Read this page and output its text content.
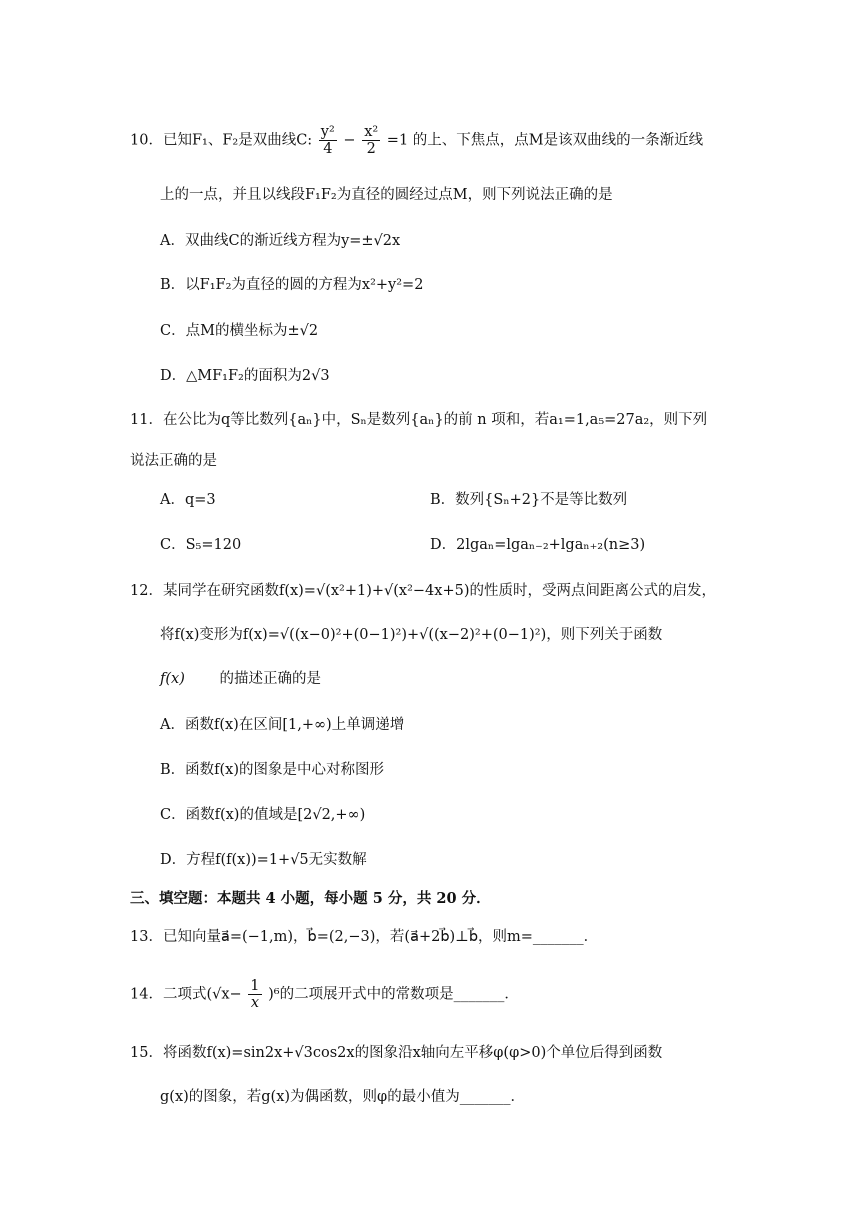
10．已知F₁、F₂是双曲线C: $\frac{\text{y²}}{4} - \frac{\text{x²}}{2} =1$ 的上、下焦点，点M是该双曲线的一条渐近线
上的一点，并且以线段F₁F₂为直径的圆经过点M，则下列说法正确的是
A．双曲线C的渐近线方程为y=±√2x
B．以F₁F₂为直径的圆的方程为x²+y²=2
C．点M的横坐标为±√2
D．△MF₁F₂的面积为2√3
11．在公比为q等比数列{aₙ}中，Sₙ是数列{aₙ}的前 n 项和，若a₁=1,a₅=27a₂，则下列
说法正确的是
A．q=3	B．数列{Sₙ+2}不是等比数列
C．S₅=120	D．2lgaₙ=lgaₙ₋₂+lgaₙ₊₂(n≥3)
12．某同学在研究函数f(x)=√(x²+1)+√(x²−4x+5)的性质时，受两点间距离公式的启发，
将f(x)变形为f(x)=√((x−0)²+(0−1)²)+√((x−2)²+(0−1)²)，则下列关于函数
f(x) 的描述正确的是
A．函数f(x)在区间[1,+∞)上单调递增
B．函数f(x)的图象是中心对称图形
C．函数f(x)的值域是[2√2,+∞)
D．方程f(f(x))=1+√5无实数解
三、填空题：本题共 4 小题，每小题 5 分，共 20 分．
13．已知向量a⃗=(−1,m)，b⃗=(2,−3)，若(a⃗+2b⃗)⊥b⃗，则m=_______．
14．二项式$(√x- \frac{1}{x} )^6$的二项展开式中的常数项是_______．
15．将函数f(x)=sin2x+√3cos2x的图象沿x轴向左平移φ(φ>0)个单位后得到函数
g(x)的图象，若g(x)为偶函数，则φ的最小值为_______．
